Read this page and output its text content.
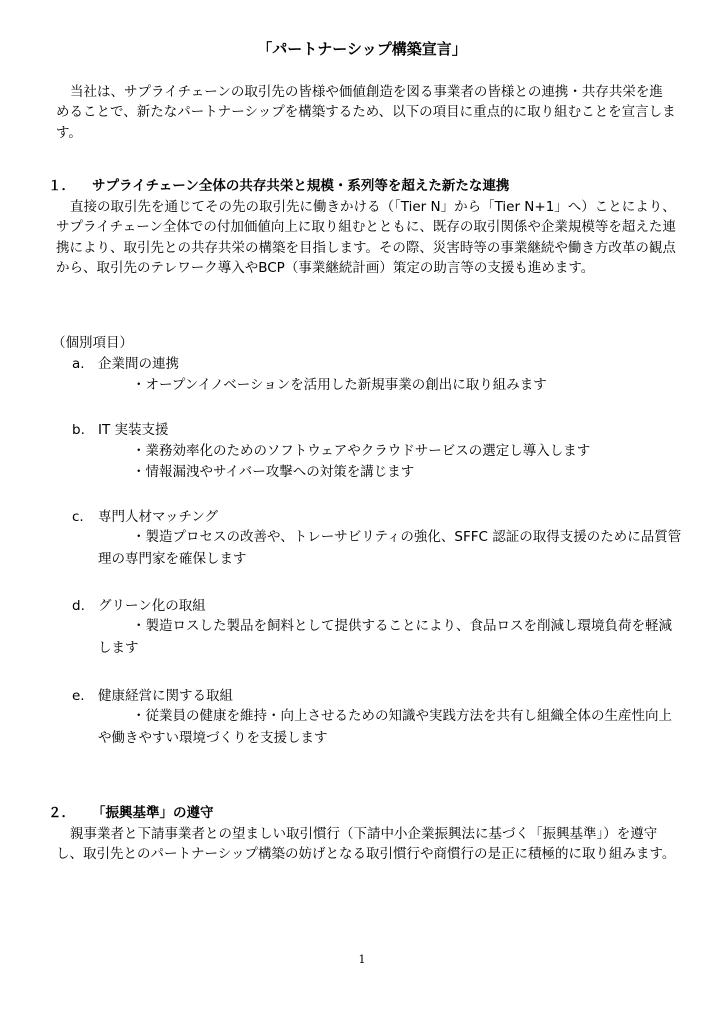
「パートナーシップ構築宣言」
当社は、サプライチェーンの取引先の皆様や価値創造を図る事業者の皆様との連携・共存共栄を進めることで、新たなパートナーシップを構築するため、以下の項目に重点的に取り組むことを宣言します。
１． サプライチェーン全体の共存共栄と規模・系列等を超えた新たな連携
直接の取引先を通じてその先の取引先に働きかける（「Tier N」から「Tier N+1」へ）ことにより、サプライチェーン全体での付加価値向上に取り組むとともに、既存の取引関係や企業規模等を超えた連携により、取引先との共存共栄の構築を目指します。その際、災害時等の事業継続や働き方改革の観点から、取引先のテレワーク導入やBCP（事業継続計画）策定の助言等の支援も進めます。
（個別項目）
a. 企業間の連携
・オープンイノベーションを活用した新規事業の創出に取り組みます
b. IT 実装支援
・業務効率化のためのソフトウェアやクラウドサービスの選定し導入します
・情報漏洩やサイバー攻撃への対策を講じます
c. 専門人材マッチング
・製造プロセスの改善や、トレーサビリティの強化、SFFC 認証の取得支援のために品質管理の専門家を確保します
d. グリーン化の取組
・製造ロスした製品を飼料として提供することにより、食品ロスを削減し環境負荷を軽減します
e. 健康経営に関する取組
・従業員の健康を維持・向上させるための知識や実践方法を共有し組織全体の生産性向上や働きやすい環境づくりを支援します
２． 「振興基準」の遵守
親事業者と下請事業者との望ましい取引慣行（下請中小企業振興法に基づく「振興基準」）を遵守し、取引先とのパートナーシップ構築の妨げとなる取引慣行や商慣行の是正に積極的に取り組みます。
1
